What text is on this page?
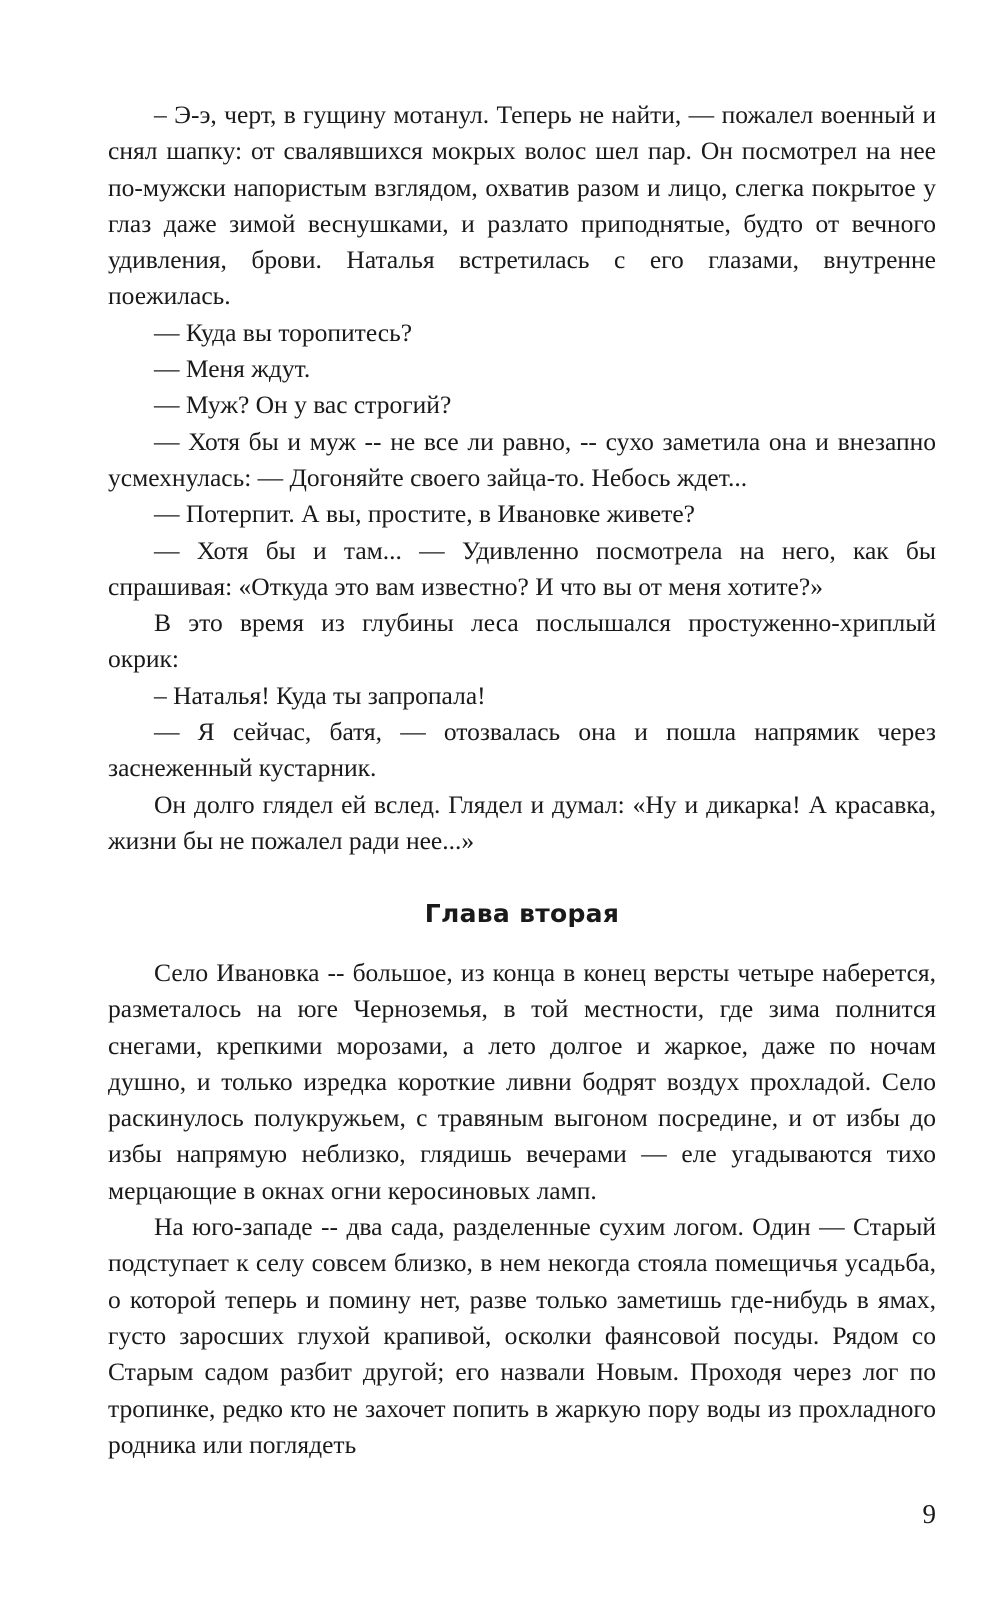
– Э-э, черт, в гущину мотанул. Теперь не найти, — пожалел военный и снял шапку: от свалявшихся мокрых волос шел пар. Он посмотрел на нее по-мужски напористым взглядом, охватив разом и лицо, слегка покрытое у глаз даже зимой веснушками, и разлато приподнятые, будто от вечного удивления, брови. Наталья встретилась с его глазами, внутренне поежилась.

— Куда вы торопитесь?

— Меня ждут.

— Муж? Он у вас строгий?

— Хотя бы и муж -- не все ли равно, -- сухо заметила она и внезапно усмехнулась: — Догоняйте своего зайца-то. Небось ждет...

— Потерпит. А вы, простите, в Ивановке живете?

— Хотя бы и там... — Удивленно посмотрела на него, как бы спрашивая: «Откуда это вам известно? И что вы от меня хотите?»

В это время из глубины леса послышался простуженно-хриплый окрик:

– Наталья! Куда ты запропала!

— Я сейчас, батя, — отозвалась она и пошла напрямик через заснеженный кустарник.

Он долго глядел ей вслед. Глядел и думал: «Ну и дикарка! А красавка, жизни бы не пожалел ради нее...»

Глава вторая

Село Ивановка -- большое, из конца в конец версты четыре наберется, разметалось на юге Черноземья, в той местности, где зима полнится снегами, крепкими морозами, а лето долгое и жаркое, даже по ночам душно, и только изредка короткие ливни бодрят воздух прохладой. Село раскинулось полукружьем, с травяным выгоном посредине, и от избы до избы напрямую неблизко, глядишь вечерами — еле угадываются тихо мерцающие в окнах огни керосиновых ламп.

На юго-западе -- два сада, разделенные сухим логом. Один — Старый подступает к селу совсем близко, в нем некогда стояла помещичья усадьба, о которой теперь и помину нет, разве только заметишь где-нибудь в ямах, густо заросших глухой крапивой, осколки фаянсовой посуды. Рядом со Старым садом разбит другой; его назвали Новым. Проходя через лог по тропинке, редко кто не захочет попить в жаркую пору воды из прохладного родника или поглядеть

9
